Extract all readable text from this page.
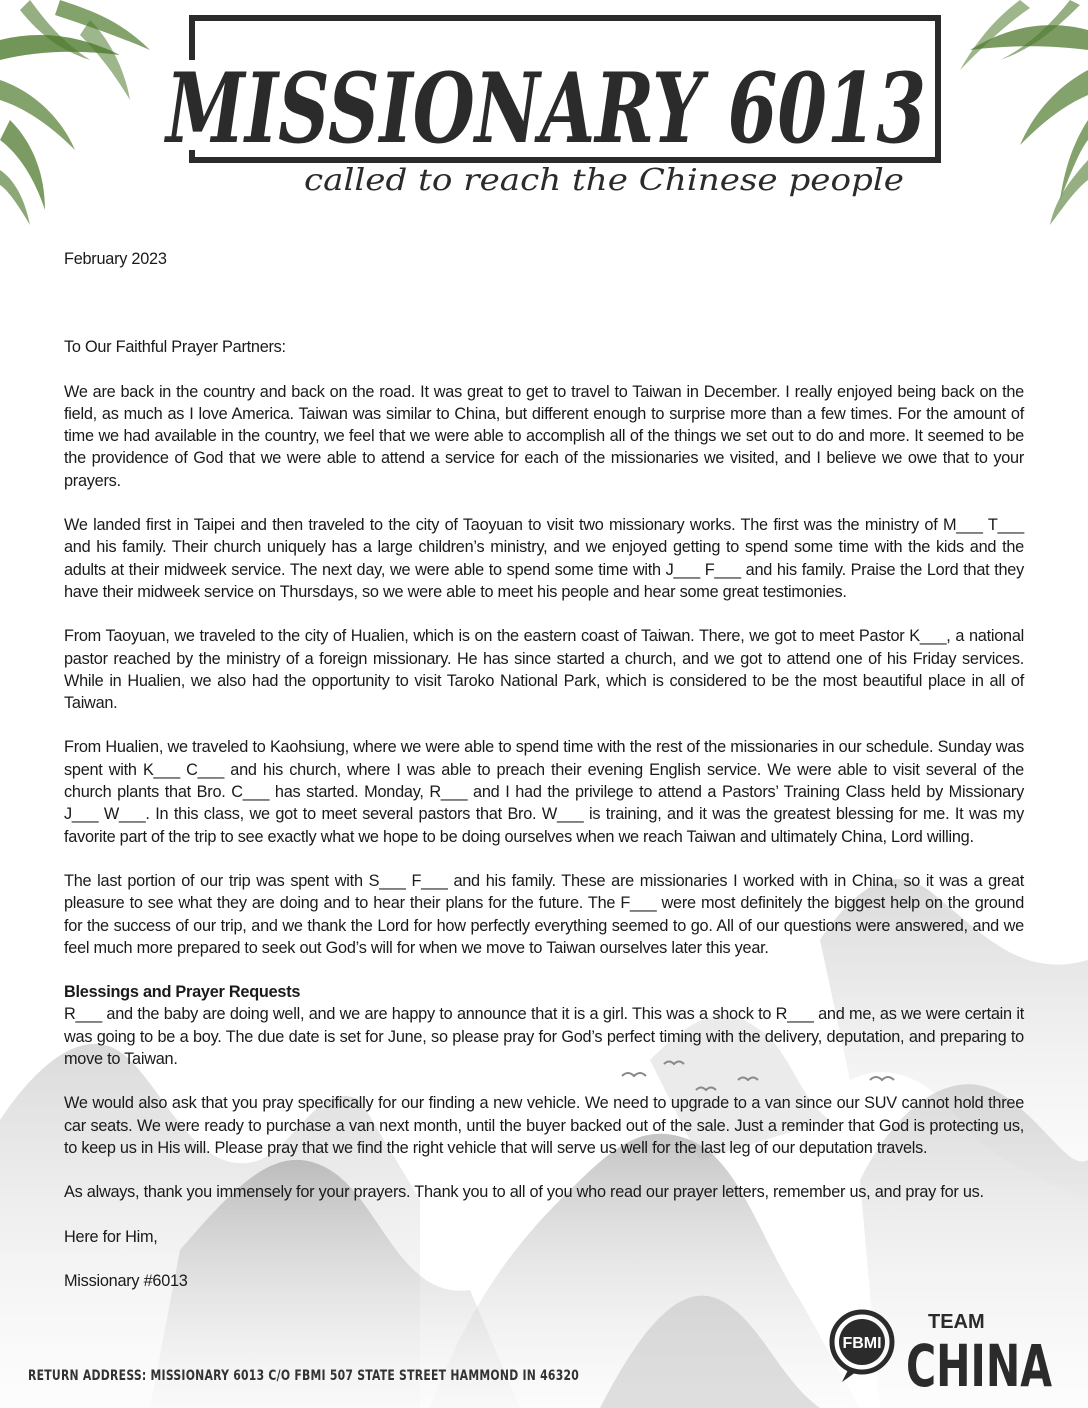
MISSIONARY 6013
called to reach the Chinese people

February 2023

To Our Faithful Prayer Partners:

We are back in the country and back on the road. It was great to get to travel to Taiwan in December. I really enjoyed being back on the field, as much as I love America. Taiwan was similar to China, but different enough to surprise more than a few times. For the amount of time we had available in the country, we feel that we were able to accomplish all of the things we set out to do and more. It seemed to be the providence of God that we were able to attend a service for each of the missionaries we visited, and I believe we owe that to your prayers.

We landed first in Taipei and then traveled to the city of Taoyuan to visit two missionary works. The first was the ministry of M___ T___ and his family. Their church uniquely has a large children’s ministry, and we enjoyed getting to spend some time with the kids and the adults at their midweek service. The next day, we were able to spend some time with J___ F___ and his family. Praise the Lord that they have their midweek service on Thursdays, so we were able to meet his people and hear some great testimonies.

From Taoyuan, we traveled to the city of Hualien, which is on the eastern coast of Taiwan. There, we got to meet Pastor K___, a national pastor reached by the ministry of a foreign missionary. He has since started a church, and we got to attend one of his Friday services. While in Hualien, we also had the opportunity to visit Taroko National Park, which is considered to be the most beautiful place in all of Taiwan.

From Hualien, we traveled to Kaohsiung, where we were able to spend time with the rest of the missionaries in our schedule. Sunday was spent with K___ C___ and his church, where I was able to preach their evening English service. We were able to visit several of the church plants that Bro. C___ has started. Monday, R___ and I had the privilege to attend a Pastors’ Training Class held by Missionary J___ W___. In this class, we got to meet several pastors that Bro. W___ is training, and it was the greatest blessing for me. It was my favorite part of the trip to see exactly what we hope to be doing ourselves when we reach Taiwan and ultimately China, Lord willing.

The last portion of our trip was spent with S___ F___ and his family. These are missionaries I worked with in China, so it was a great pleasure to see what they are doing and to hear their plans for the future. The F___ were most definitely the biggest help on the ground for the success of our trip, and we thank the Lord for how perfectly everything seemed to go. All of our questions were answered, and we feel much more prepared to seek out God’s will for when we move to Taiwan ourselves later this year.

Blessings and Prayer Requests

R___ and the baby are doing well, and we are happy to announce that it is a girl. This was a shock to R___ and me, as we were certain it was going to be a boy. The due date is set for June, so please pray for God’s perfect timing with the delivery, deputation, and preparing to move to Taiwan.

We would also ask that you pray specifically for our finding a new vehicle. We need to upgrade to a van since our SUV cannot hold three car seats. We were ready to purchase a van next month, until the buyer backed out of the sale. Just a reminder that God is protecting us, to keep us in His will. Please pray that we find the right vehicle that will serve us well for the last leg of our deputation travels.

As always, thank you immensely for your prayers. Thank you to all of you who read our prayer letters, remember us, and pray for us.

Here for Him,

Missionary #6013

FBMI
TEAM
CHINA
RETURN ADDRESS: MISSIONARY 6013 C/O FBMI 507 STATE STREET HAMMOND IN 46320
